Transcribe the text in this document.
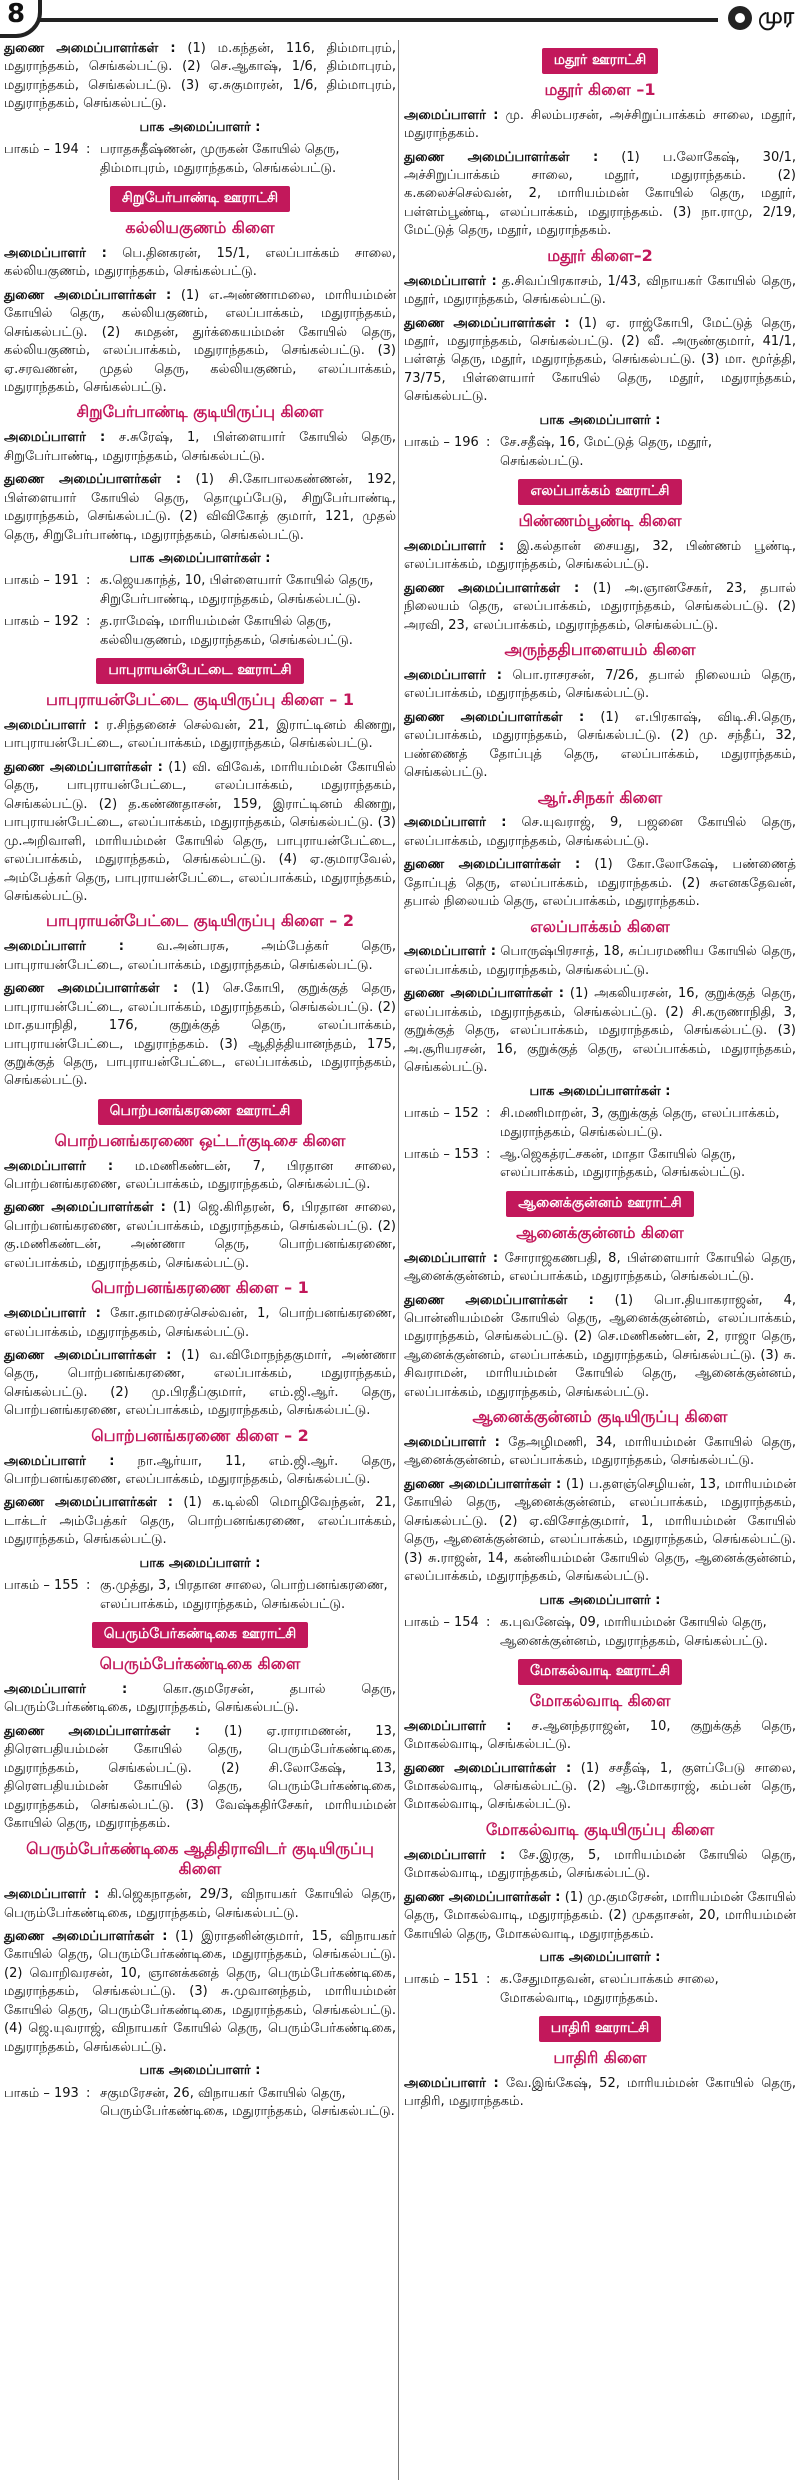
8	முர

துணை அமைப்பாளர்கள் : (1) ம.கந்தன், 116, திம்மாபுரம், மதுராந்தகம், செங்கல்பட்டு. (2) செ.ஆகாஷ், 1/6, திம்மாபுரம், மதுராந்தகம், செங்கல்பட்டு. (3) ஏ.சுகுமாரன், 1/6, திம்மாபுரம், மதுராந்தகம், செங்கல்பட்டு.

பாக அமைப்பாளர் :
பாகம் – 194 : பராதசுதீஷ்ணன், முருகன் கோயில் தெரு, திம்மாபுரம், மதுராந்தகம், செங்கல்பட்டு.
சிறுபேர்பாண்டி ஊராட்சி
கல்லியகுணம் கிளை

அமைப்பாளர் : பெ.தினகரன், 15/1, எலப்பாக்கம் சாலை, கல்லியகுணம், மதுராந்தகம், செங்கல்பட்டு.

துணை அமைப்பாளர்கள் : (1) எ.அண்ணாமலை, மாரியம்மன் கோயில் தெரு, கல்லியகுணம், எலப்பாக்கம், மதுராந்தகம், செங்கல்பட்டு. (2) சுமதன், துர்க்கையம்மன் கோயில் தெரு, கல்லியகுணம், எலப்பாக்கம், மதுராந்தகம், செங்கல்பட்டு. (3) ஏ.சரவணன், முதல் தெரு, கல்லியகுணம், எலப்பாக்கம், மதுராந்தகம், செங்கல்பட்டு.

சிறுபேர்பாண்டி குடியிருப்பு கிளை

அமைப்பாளர் : ச.சுரேஷ், 1, பிள்ளையார் கோயில் தெரு, சிறுபேர்பாண்டி, மதுராந்தகம், செங்கல்பட்டு.

துணை அமைப்பாளர்கள் : (1) சி.கோபாலகண்ணன், 192, பிள்ளையார் கோயில் தெரு, தொழுப்பேடு, சிறுபேர்பாண்டி, மதுராந்தகம், செங்கல்பட்டு. (2) விவிகோத் குமார், 121, முதல் தெரு, சிறுபேர்பாண்டி, மதுராந்தகம், செங்கல்பட்டு.

பாக அமைப்பாளர்கள் :
பாகம் – 191 : க.ஜெயகாந்த், 10, பிள்ளையார் கோயில் தெரு, சிறுபேர்பாண்டி, மதுராந்தகம், செங்கல்பட்டு.
பாகம் – 192 : த.ராமேஷ், மாரியம்மன் கோயில் தெரு, கல்லியகுணம், மதுராந்தகம், செங்கல்பட்டு.
பாபுராயன்பேட்டை ஊராட்சி
பாபுராயன்பேட்டை குடியிருப்பு கிளை – 1

அமைப்பாளர் : ர.சிந்தனைச் செல்வன், 21, இராட்டினம் கிணறு, பாபுராயன்பேட்டை, எலப்பாக்கம், மதுராந்தகம், செங்கல்பட்டு.

துணை அமைப்பாளர்கள் : (1) வி. விவேக், மாரியம்மன் கோயில் தெரு, பாபுராயன்பேட்டை, எலப்பாக்கம், மதுராந்தகம், செங்கல்பட்டு. (2) த.கண்ணதாசன், 159, இராட்டினம் கிணறு, பாபுராயன்பேட்டை, எலப்பாக்கம், மதுராந்தகம், செங்கல்பட்டு. (3) மு.அறிவாளி, மாரியம்மன் கோயில் தெரு, பாபுராயன்பேட்டை, எலப்பாக்கம், மதுராந்தகம், செங்கல்பட்டு. (4) ஏ.குமாரவேல், அம்பேத்கர் தெரு, பாபுராயன்பேட்டை, எலப்பாக்கம், மதுராந்தகம், செங்கல்பட்டு.

பாபுராயன்பேட்டை குடியிருப்பு கிளை – 2

அமைப்பாளர் : வ.அன்பரசு, அம்பேத்கர் தெரு, பாபுராயன்பேட்டை, எலப்பாக்கம், மதுராந்தகம், செங்கல்பட்டு.

துணை அமைப்பாளர்கள் : (1) செ.கோபி, குறுக்குத் தெரு, பாபுராயன்பேட்டை, எலப்பாக்கம், மதுராந்தகம், செங்கல்பட்டு. (2) மா.தயாநிதி, 176, குறுக்குத் தெரு, எலப்பாக்கம், பாபுராயன்பேட்டை, மதுராந்தகம். (3) ஆதித்தியானந்தம், 175, குறுக்குத் தெரு, பாபுராயன்பேட்டை, எலப்பாக்கம், மதுராந்தகம், செங்கல்பட்டு.

பொற்பனங்கரணை ஊராட்சி
பொற்பனங்கரணை ஒட்டர்குடிசை கிளை

அமைப்பாளர் : ம.மணிகண்டன், 7, பிரதான சாலை, பொற்பனங்கரணை, எலப்பாக்கம், மதுராந்தகம், செங்கல்பட்டு.

துணை அமைப்பாளர்கள் : (1) ஜெ.கிரிதரன், 6, பிரதான சாலை, பொற்பனங்கரணை, எலப்பாக்கம், மதுராந்தகம், செங்கல்பட்டு. (2) கு.மணிகண்டன், அண்ணா தெரு, பொற்பனங்கரணை, எலப்பாக்கம், மதுராந்தகம், செங்கல்பட்டு.

பொற்பனங்கரணை கிளை – 1

அமைப்பாளர் : கோ.தாமரைச்செல்வன், 1, பொற்பனங்கரணை, எலப்பாக்கம், மதுராந்தகம், செங்கல்பட்டு.

துணை அமைப்பாளர்கள் : (1) வ.விமோநந்தகுமார், அண்ணா தெரு, பொற்பனங்கரணை, எலப்பாக்கம், மதுராந்தகம், செங்கல்பட்டு. (2) மு.பிரதீப்குமார், எம்.ஜி.ஆர். தெரு, பொற்பனங்கரணை, எலப்பாக்கம், மதுராந்தகம், செங்கல்பட்டு.

பொற்பனங்கரணை கிளை – 2

அமைப்பாளர் : நா.ஆர்யா, 11, எம்.ஜி.ஆர். தெரு, பொற்பனங்கரணை, எலப்பாக்கம், மதுராந்தகம், செங்கல்பட்டு.

துணை அமைப்பாளர்கள் : (1) க.டில்லி மொழிவேந்தன், 21, டாக்டர் அம்பேத்கர் தெரு, பொற்பனங்கரணை, எலப்பாக்கம், மதுராந்தகம், செங்கல்பட்டு.

பாக அமைப்பாளர் :
பாகம் – 155 : கு.முத்து, 3, பிரதான சாலை, பொற்பனங்கரணை, எலப்பாக்கம், மதுராந்தகம், செங்கல்பட்டு.
பெரும்பேர்கண்டிகை ஊராட்சி
பெரும்பேர்கண்டிகை கிளை

அமைப்பாளர் : கொ.குமரேசன், தபால் தெரு, பெரும்பேர்கண்டிகை, மதுராந்தகம், செங்கல்பட்டு.

துணை அமைப்பாளர்கள் : (1) ஏ.ராராமணன், 13, திரௌபதியம்மன் கோயில் தெரு, பெரும்பேர்கண்டிகை, மதுராந்தகம், செங்கல்பட்டு. (2) சி.லோகேஷ், 13, திரௌபதியம்மன் கோயில் தெரு, பெரும்பேர்கண்டிகை, மதுராந்தகம், செங்கல்பட்டு. (3) வேஷ்கதிர்சேகர், மாரியம்மன் கோயில் தெரு, மதுராந்தகம்.

பெரும்பேர்கண்டிகை ஆதிதிராவிடர் குடியிருப்பு கிளை

அமைப்பாளர் : கி.ஜெகநாதன், 29/3, விநாயகர் கோயில் தெரு, பெரும்பேர்கண்டிகை, மதுராந்தகம், செங்கல்பட்டு.

துணை அமைப்பாளர்கள் : (1) இராதனின்குமார், 15, விநாயகர் கோயில் தெரு, பெரும்பேர்கண்டிகை, மதுராந்தகம், செங்கல்பட்டு. (2) வொறிவரசன், 10, ஞானக்கனத் தெரு, பெரும்பேர்கண்டிகை, மதுராந்தகம், செங்கல்பட்டு. (3) சு.முவானந்தம், மாரியம்மன் கோயில் தெரு, பெரும்பேர்கண்டிகை, மதுராந்தகம், செங்கல்பட்டு. (4) ஜெ.யுவராஜ், விநாயகர் கோயில் தெரு, பெரும்பேர்கண்டிகை, மதுராந்தகம், செங்கல்பட்டு.

பாக அமைப்பாளர் :
பாகம் – 193 : சகுமரேசன், 26, விநாயகர் கோயில் தெரு, பெரும்பேர்கண்டிகை, மதுராந்தகம், செங்கல்பட்டு.
மதூர் ஊராட்சி
மதூர் கிளை –1

அமைப்பாளர் : மு. சிலம்பரசன், அச்சிறுப்பாக்கம் சாலை, மதூர், மதுராந்தகம்.

துணை அமைப்பாளர்கள் : (1) ப.லோகேஷ், 30/1, அச்சிறுப்பாக்கம் சாலை, மதூர், மதுராந்தகம். (2) க.கலைச்செல்வன், 2, மாரியம்மன் கோயில் தெரு, மதூர், பள்ளம்பூண்டி, எலப்பாக்கம், மதுராந்தகம். (3) நா.ராமு, 2/19, மேட்டுத் தெரு, மதூர், மதுராந்தகம்.

மதூர் கிளை–2

அமைப்பாளர் : த.சிவப்பிரகாசம், 1/43, விநாயகர் கோயில் தெரு, மதூர், மதுராந்தகம், செங்கல்பட்டு.

துணை அமைப்பாளர்கள் : (1) ஏ. ராஜ்கோபி, மேட்டுத் தெரு, மதூர், மதுராந்தகம், செங்கல்பட்டு. (2) வீ. அருண்குமார், 41/1, பள்ளத் தெரு, மதூர், மதுராந்தகம், செங்கல்பட்டு. (3) மா. மூர்த்தி, 73/75, பிள்ளையார் கோயில் தெரு, மதூர், மதுராந்தகம், செங்கல்பட்டு.

பாக அமைப்பாளர் :
பாகம் – 196 : சே.சதீஷ், 16, மேட்டுத் தெரு, மதூர், செங்கல்பட்டு.
எலப்பாக்கம் ஊராட்சி
பிண்ணம்பூண்டி கிளை

அமைப்பாளர் : இ.கல்தான் சையது, 32, பிண்ணம் பூண்டி, எலப்பாக்கம், மதுராந்தகம், செங்கல்பட்டு.

துணை அமைப்பாளர்கள் : (1) அ.ஞானசேகர், 23, தபால் நிலையம் தெரு, எலப்பாக்கம், மதுராந்தகம், செங்கல்பட்டு. (2) அரவி, 23, எலப்பாக்கம், மதுராந்தகம், செங்கல்பட்டு.

அருந்ததிபாளையம் கிளை

அமைப்பாளர் : பொ.ராசரசன், 7/26, தபால் நிலையம் தெரு, எலப்பாக்கம், மதுராந்தகம், செங்கல்பட்டு.

துணை அமைப்பாளர்கள் : (1) எ.பிரகாஷ், விடி.சி.தெரு, எலப்பாக்கம், மதுராந்தகம், செங்கல்பட்டு. (2) மு. சந்தீப், 32, பண்ணைத் தோப்புத் தெரு, எலப்பாக்கம், மதுராந்தகம், செங்கல்பட்டு.

ஆர்.சிநகர் கிளை

அமைப்பாளர் : செ.யுவராஜ், 9, பஜனை கோயில் தெரு, எலப்பாக்கம், மதுராந்தகம், செங்கல்பட்டு.

துணை அமைப்பாளர்கள் : (1) கோ.லோகேஷ், பண்ணைத் தோப்புத் தெரு, எலப்பாக்கம், மதுராந்தகம். (2) சுஎனகதேவன், தபால் நிலையம் தெரு, எலப்பாக்கம், மதுராந்தகம்.

எலப்பாக்கம் கிளை

அமைப்பாளர் : பொருஷ்பிரசாத், 18, சுப்பரமணிய கோயில் தெரு, எலப்பாக்கம், மதுராந்தகம், செங்கல்பட்டு.

துணை அமைப்பாளர்கள் : (1) அகலியரசன், 16, குறுக்குத் தெரு, எலப்பாக்கம், மதுராந்தகம், செங்கல்பட்டு. (2) சி.கருணாநிதி, 3, குறுக்குத் தெரு, எலப்பாக்கம், மதுராந்தகம், செங்கல்பட்டு. (3) அ.சூரியரசன், 16, குறுக்குத் தெரு, எலப்பாக்கம், மதுராந்தகம், செங்கல்பட்டு.

பாக அமைப்பாளர்கள் :
பாகம் – 152 : சி.மணிமாறன், 3, குறுக்குத் தெரு, எலப்பாக்கம், மதுராந்தகம், செங்கல்பட்டு.
பாகம் – 153 : ஆ.ஜெகத்ரட்சகன், மாதா கோயில் தெரு, எலப்பாக்கம், மதுராந்தகம், செங்கல்பட்டு.
ஆனைக்குன்னம் ஊராட்சி
ஆனைக்குன்னம் கிளை

அமைப்பாளர் : சோராஜகணபதி, 8, பிள்ளையார் கோயில் தெரு, ஆனைக்குன்னம், எலப்பாக்கம், மதுராந்தகம், செங்கல்பட்டு.

துணை அமைப்பாளர்கள் : (1) பொ.தியாகராஜன், 4, பொன்னியம்மன் கோயில் தெரு, ஆனைக்குன்னம், எலப்பாக்கம், மதுராந்தகம், செங்கல்பட்டு. (2) செ.மணிகண்டன், 2, ராஜா தெரு, ஆனைக்குன்னம், எலப்பாக்கம், மதுராந்தகம், செங்கல்பட்டு. (3) சு. சிவராமன், மாரியம்மன் கோயில் தெரு, ஆனைக்குன்னம், எலப்பாக்கம், மதுராந்தகம், செங்கல்பட்டு.

ஆனைக்குன்னம் குடியிருப்பு கிளை

அமைப்பாளர் : தேஅழிமணி, 34, மாரியம்மன் கோயில் தெரு, ஆனைக்குன்னம், எலப்பாக்கம், மதுராந்தகம், செங்கல்பட்டு.

துணை அமைப்பாளர்கள் : (1) ப.தளஞ்செழியன், 13, மாரியம்மன் கோயில் தெரு, ஆனைக்குன்னம், எலப்பாக்கம், மதுராந்தகம், செங்கல்பட்டு. (2) ஏ.விசோத்குமார், 1, மாரியம்மன் கோயில் தெரு, ஆனைக்குன்னம், எலப்பாக்கம், மதுராந்தகம், செங்கல்பட்டு. (3) சு.ராஜன், 14, கன்னியம்மன் கோயில் தெரு, ஆனைக்குன்னம், எலப்பாக்கம், மதுராந்தகம், செங்கல்பட்டு.

பாக அமைப்பாளர் :
பாகம் – 154 : க.புவனேஷ், 09, மாரியம்மன் கோயில் தெரு, ஆனைக்குன்னம், மதுராந்தகம், செங்கல்பட்டு.
மோகல்வாடி ஊராட்சி
மோகல்வாடி கிளை

அமைப்பாளர் : ச.ஆனந்தராஜன், 10, குறுக்குத் தெரு, மோகல்வாடி, செங்கல்பட்டு.

துணை அமைப்பாளர்கள் : (1) சசதீஷ், 1, குளப்பேடு சாலை, மோகல்வாடி, செங்கல்பட்டு. (2) ஆ.மோகராஜ், கம்பன் தெரு, மோகல்வாடி, செங்கல்பட்டு.

மோகல்வாடி குடியிருப்பு கிளை

அமைப்பாளர் : சே.இரகு, 5, மாரியம்மன் கோயில் தெரு, மோகல்வாடி, மதுராந்தகம், செங்கல்பட்டு.

துணை அமைப்பாளர்கள் : (1) மு.குமரேசன், மாரியம்மன் கோயில் தெரு, மோகல்வாடி, மதுராந்தகம். (2) முகதாசன், 20, மாரியம்மன் கோயில் தெரு, மோகல்வாடி, மதுராந்தகம்.

பாக அமைப்பாளர் :
பாகம் – 151 : க.சேதுமாதவன், எலப்பாக்கம் சாலை, மோகல்வாடி, மதுராந்தகம்.
பாதிரி ஊராட்சி
பாதிரி கிளை

அமைப்பாளர் : வே.இங்கேஷ், 52, மாரியம்மன் கோயில் தெரு, பாதிரி, மதுராந்தகம்.
